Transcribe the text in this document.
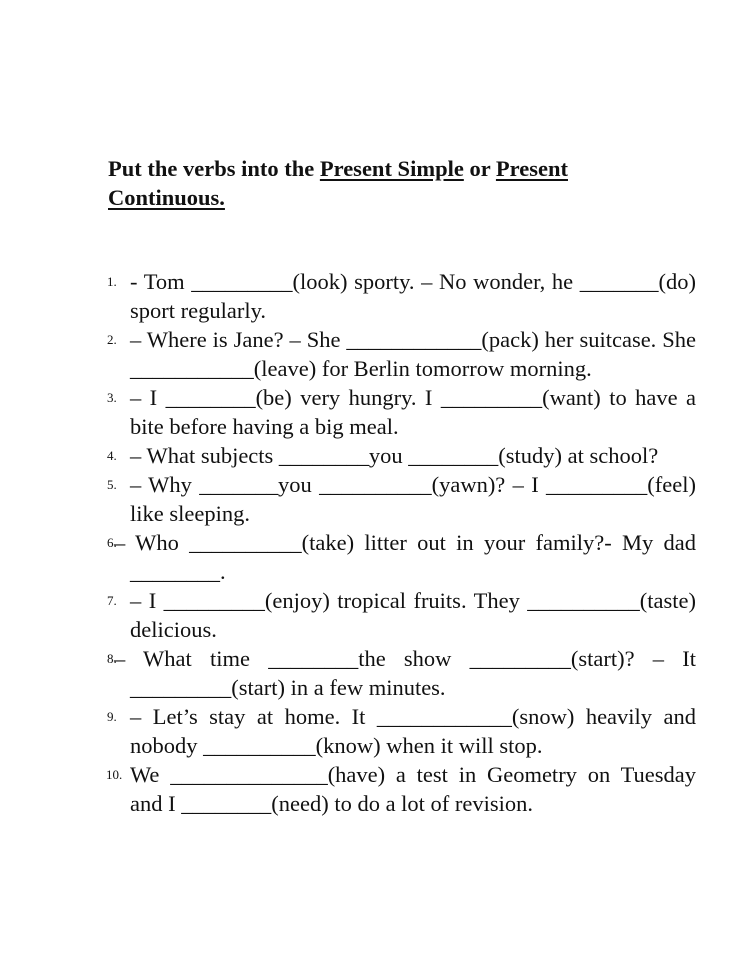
Put the verbs into the Present Simple or Present Continuous.
1. - Tom _________(look) sporty. – No wonder, he _______(do) sport regularly.
2. – Where is Jane? – She ____________(pack) her suitcase. She ___________(leave) for Berlin tomorrow morning.
3. – I ________(be) very hungry. I _________(want) to have a bite before having a big meal.
4. – What subjects ________you ________(study) at school?
5. – Why _______you __________(yawn)? – I _________(feel) like sleeping.
6.
– Who __________(take) litter out in your family?- My dad ________.
7. – I _________(enjoy) tropical fruits. They __________(taste) delicious.
8.
– What time ________the show _________(start)? – It _________(start) in a few minutes.
9. – Let’s stay at home. It ____________(snow) heavily and nobody __________(know) when it will stop.
10. We ______________(have) a test in Geometry on Tuesday and I ________(need) to do a lot of revision.
